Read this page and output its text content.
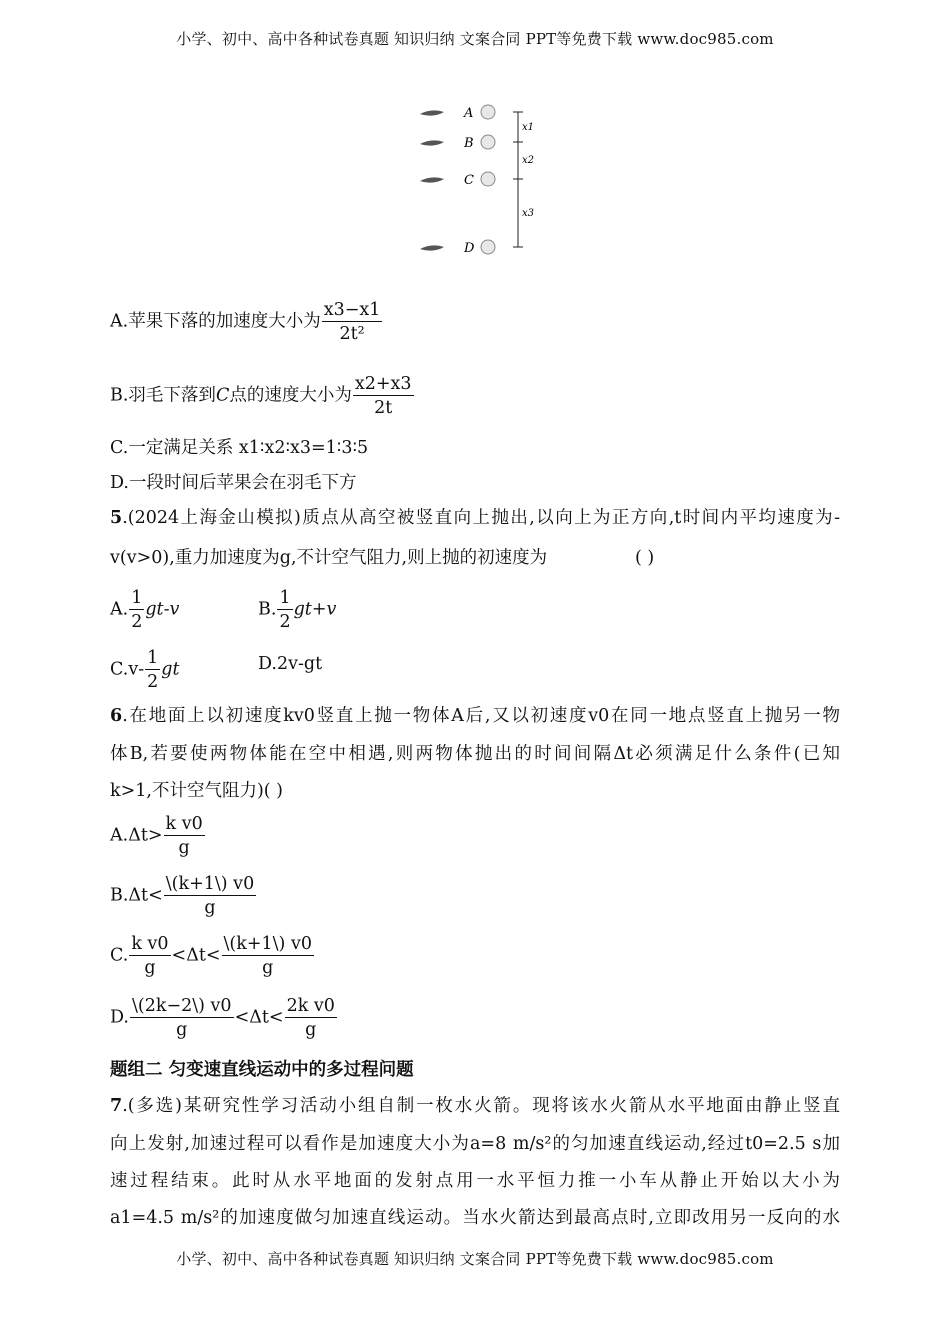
小学、初中、高中各种试卷真题 知识归纳 文案合同 PPT等免费下载 www.doc985.com
A
B
C
D
x1
x2
x3
A.苹果下落的加速度大小为 $\frac{x3-x1}{\text{2t²}}$
B.羽毛下落到C点的速度大小为 $\frac{x2+x3}{2t}$
C.一定满足关系 x1∶x2∶x3=1∶3∶5
D.一段时间后苹果会在羽毛下方
5.(2024上海金山模拟)质点从高空被竖直向上抛出,以向上为正方向,t时间内平均速度为-
v(v>0),重力加速度为g,不计空气阻力,则上抛的初速度为	( )
A. $\frac{1}{2} gt-v$	B. $\frac{1}{2} gt+v$
$C.v- \frac{1}{2}$ gt	D.2v-gt
6.在地面上以初速度kv0竖直上抛一物体A后,又以初速度v0在同一地点竖直上抛另一物
体B,若要使两物体能在空中相遇,则两物体抛出的时间间隔Δt必须满足什么条件(已知
k>1,不计空气阻力)( )
$A.\Delta t> \frac{\text{k v0}}{g}$
$B.\Delta t< \frac{\backslash(k+1\backslash) v0}{g}$
C. $\frac{\text{k v0}}{g} <\Delta t< \frac{\backslash(k+1\backslash) v0}{g}$
D. $\frac{\backslash(2k-2\backslash) v0}{g} <\Delta t< \frac{\text{2k v0}}{g}$
题组二 匀变速直线运动中的多过程问题
7.(多选)某研究性学习活动小组自制一枚水火箭。现将该水火箭从水平地面由静止竖直
向上发射,加速过程可以看作是加速度大小为a=8 m/s²的匀加速直线运动,经过t0=2.5 s加
速过程结束。此时从水平地面的发射点用一水平恒力推一小车从静止开始以大小为
a1=4.5 m/s²的加速度做匀加速直线运动。当水火箭达到最高点时,立即改用另一反向的水
小学、初中、高中各种试卷真题 知识归纳 文案合同 PPT等免费下载 www.doc985.com
